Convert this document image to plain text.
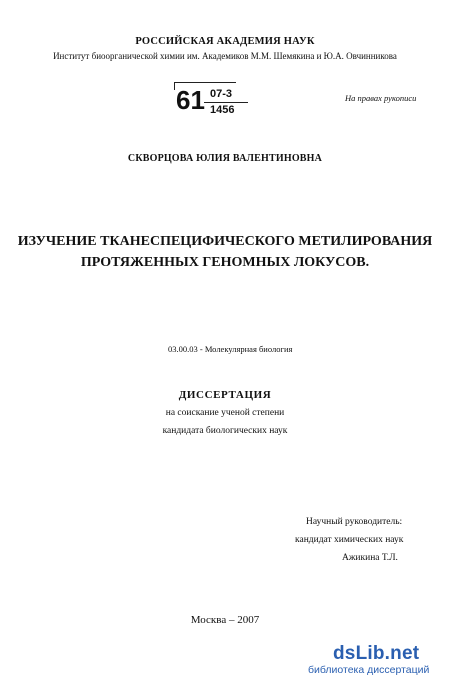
РОССИЙСКАЯ АКАДЕМИЯ НАУК
Институт биоорганической химии им. Академиков М.М. Шемякина и Ю.А. Овчинникова
61 07-3
1456
На правах рукописи
СКВОРЦОВА ЮЛИЯ ВАЛЕНТИНОВНА
ИЗУЧЕНИЕ ТКАНЕСПЕЦИФИЧЕСКОГО МЕТИЛИРОВАНИЯ
ПРОТЯЖЕННЫХ ГЕНОМНЫХ ЛОКУСОВ.
03.00.03 - Молекулярная биология
ДИССЕРТАЦИЯ
на соискание ученой степени
кандидата биологических наук
Научный руководитель:
кандидат химических наук
Ажикина Т.Л.
Москва – 2007
dsLib.net
библиотека диссертаций
